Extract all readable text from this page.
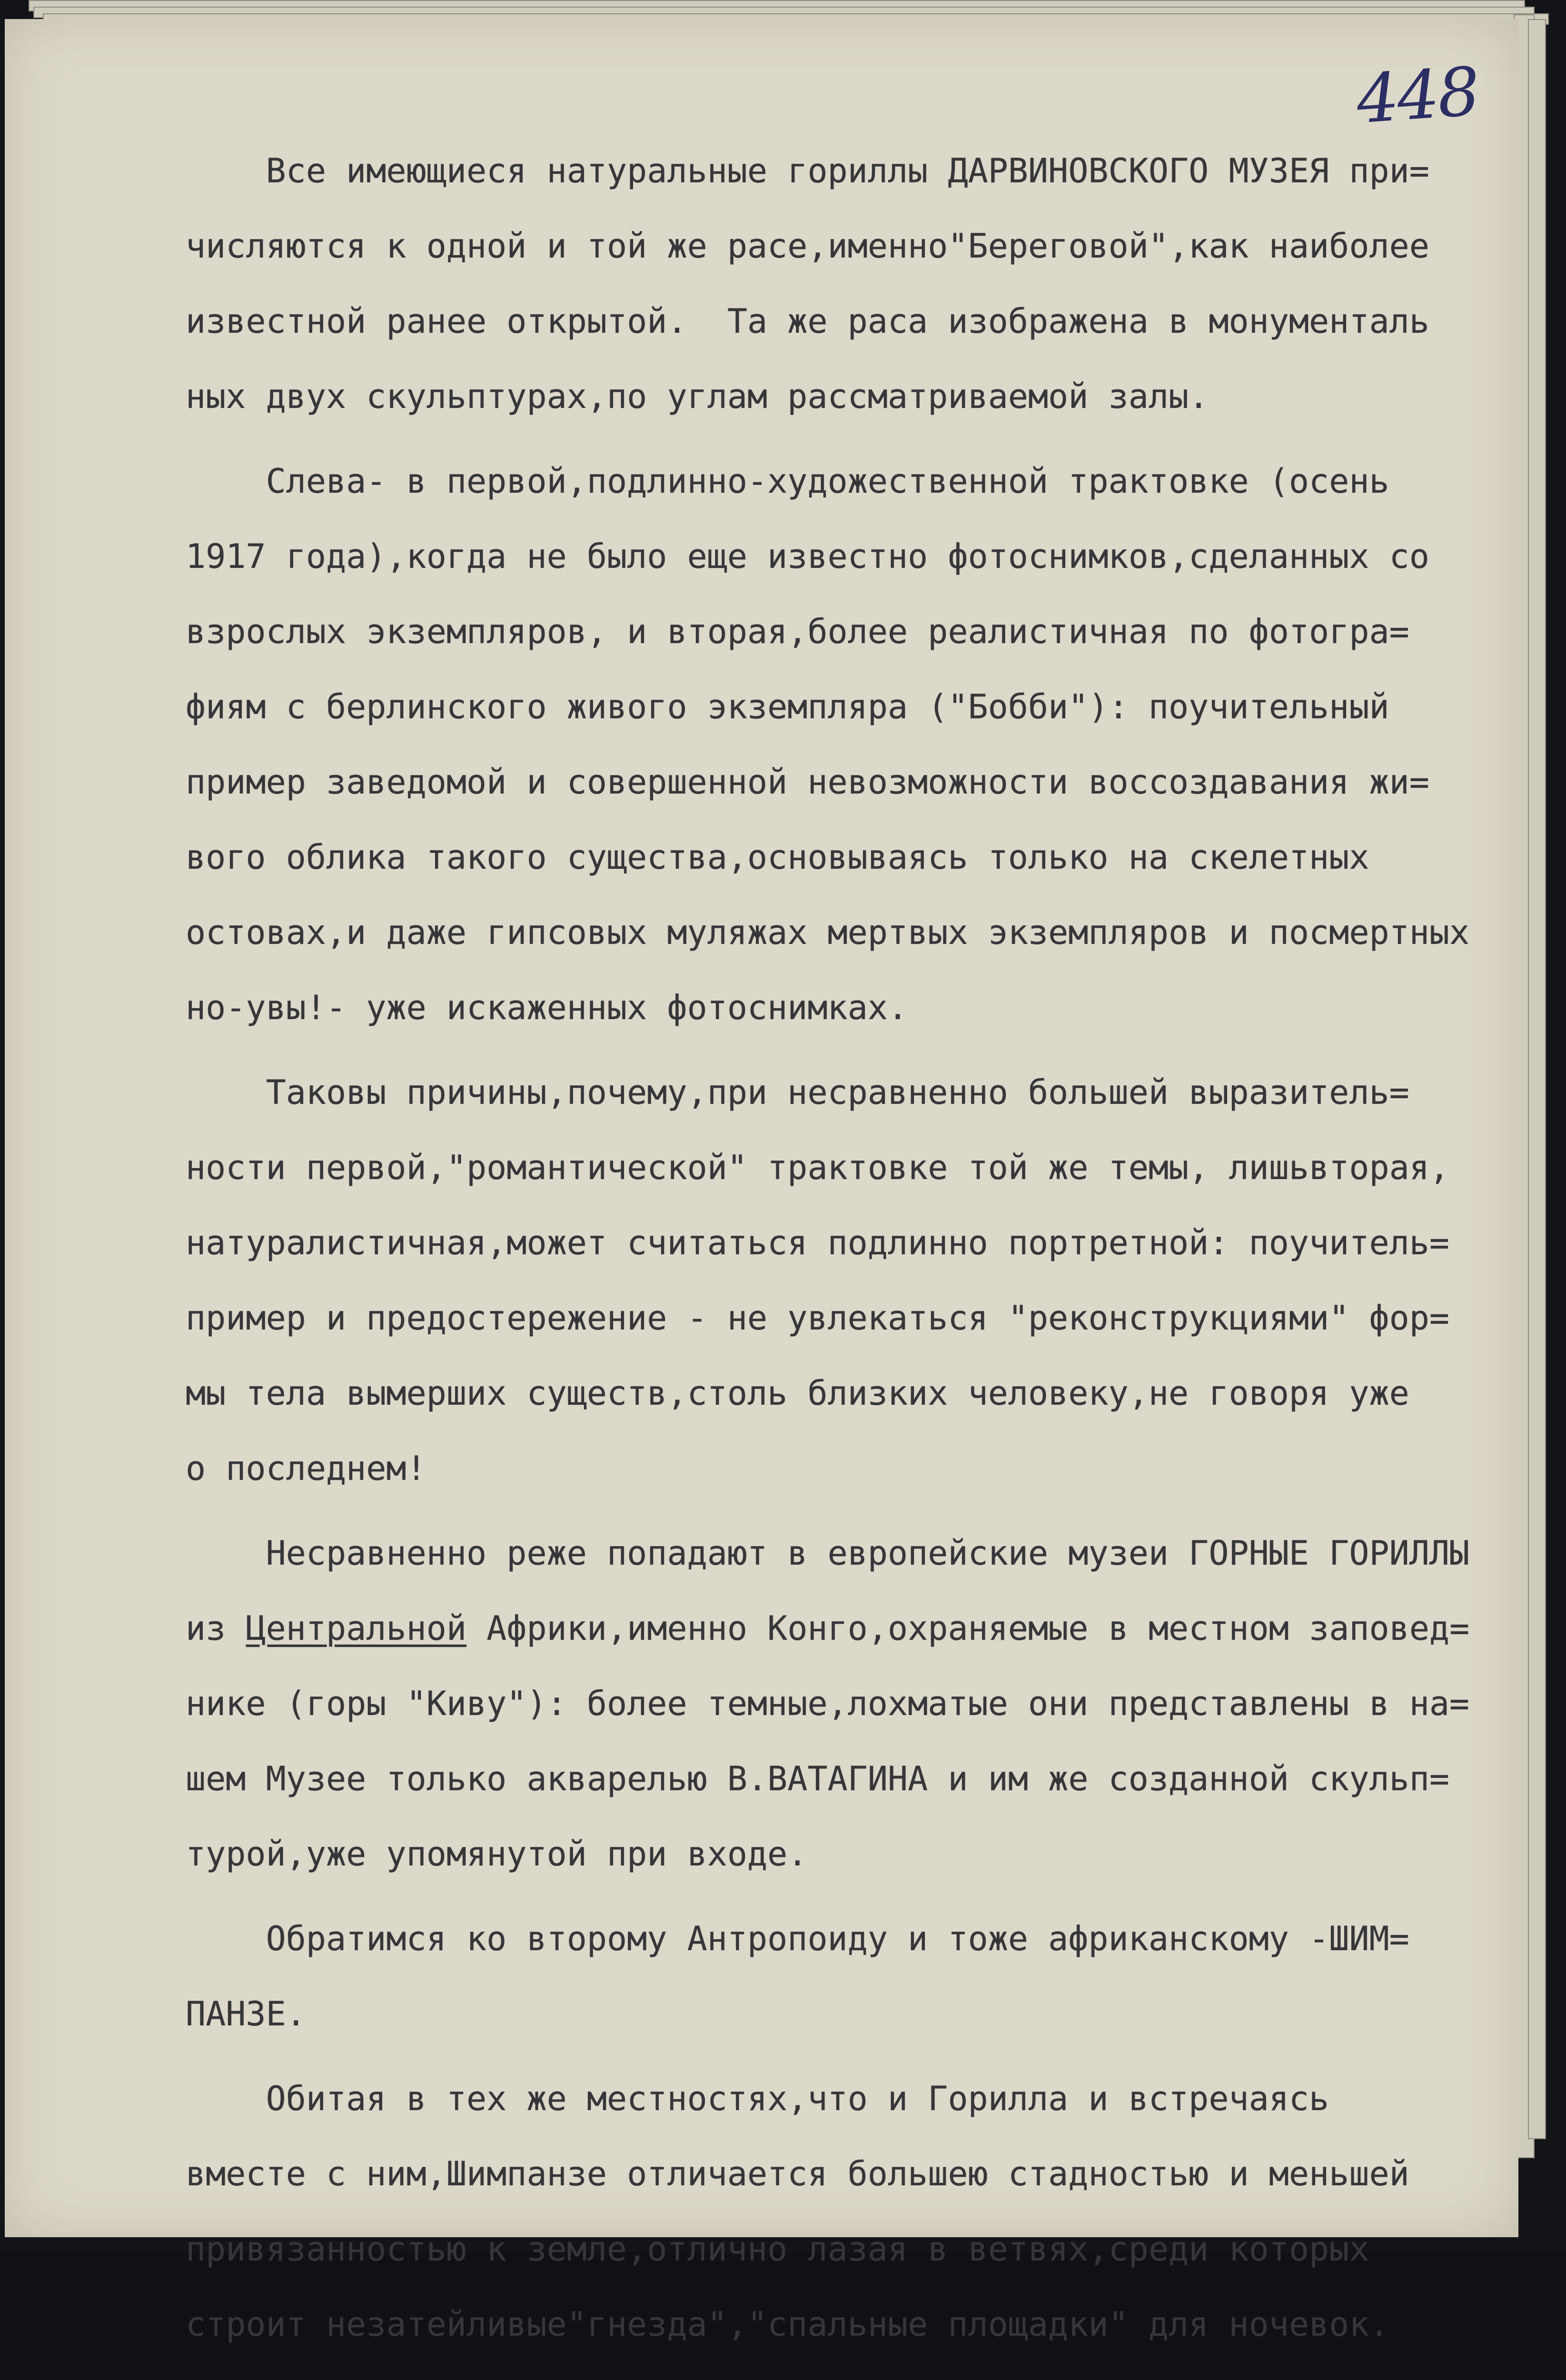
448
Все имеющиеся натуральные гориллы ДАРВИНОВСКОГО МУЗЕЯ при=
числяются к одной и той же расе,именно"Береговой",как наиболее
известной ранее открытой.  Та же раса изображена в монументаль
ных двух скульптурах,по углам рассматриваемой залы.
Слева- в первой,подлинно-художественной трактовке (осень
1917 года),когда не было еще известно фотоснимков,сделанных со
взрослых экземпляров, и вторая,более реалистичная по фотогра=
фиям с берлинского живого экземпляра ("Бобби"): поучительный
пример заведомой и совершенной невозможности воссоздавания жи=
вого облика такого существа,основываясь только на скелетных
остовах,и даже гипсовых муляжах мертвых экземпляров и посмертных
но-увы!- уже искаженных фотоснимках.
Таковы причины,почему,при несравненно большей выразитель=
ности первой,"романтической" трактовке той же темы, лишьвторая,
натуралистичная,может считаться подлинно портретной: поучитель=
пример и предостережение - не увлекаться "реконструкциями" фор=
мы тела вымерших существ,столь близких человеку,не говоря уже
о последнем!
Несравненно реже попадают в европейские музеи ГОРНЫЕ ГОРИЛЛЫ
из Центральной Африки,именно Конго,охраняемые в местном заповед=
нике (горы "Киву"): более темные,лохматые они представлены в на=
шем Музее только акварелью В.ВАТАГИНА и им же созданной скульп=
турой,уже упомянутой при входе.
Обратимся ко второму Антропоиду и тоже африканскому -ШИМ=
ПАНЗЕ.
Обитая в тех же местностях,что и Горилла и встречаясь
вместе с ним,Шимпанзе отличается большею стадностью и меньшей
привязанностью к земле,отлично лазая в ветвях,среди которых
строит незатейливые"гнезда","спальные площадки" для ночевок.
